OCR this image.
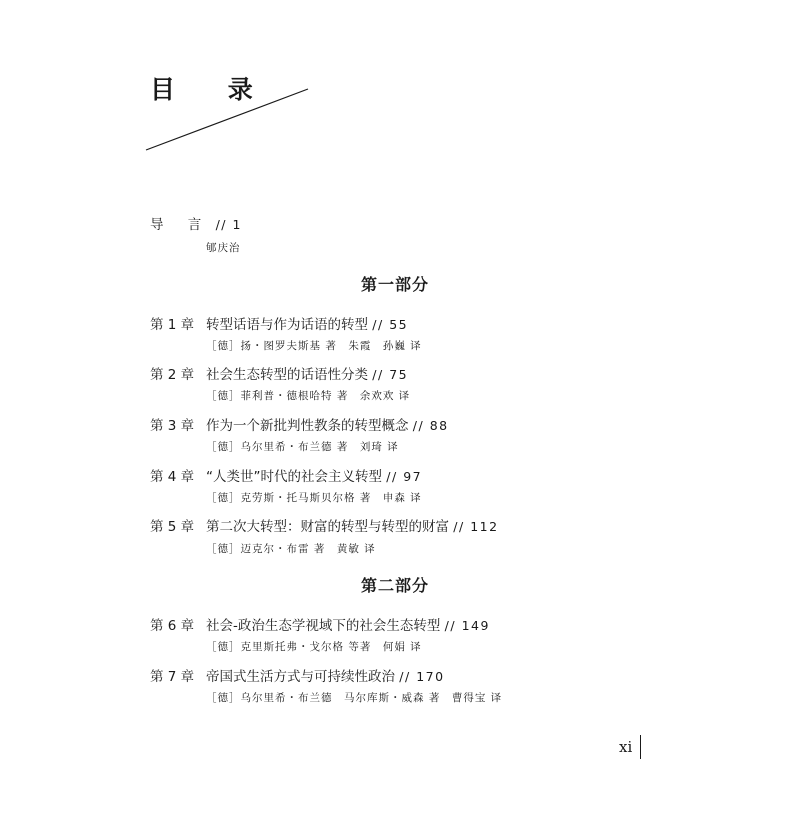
目 录
导 言 // 1
郇庆治
第一部分
第 1 章 转型话语与作为话语的转型 // 55
［德］扬・图罗夫斯基 著　朱霞　孙巍 译
第 2 章 社会生态转型的话语性分类 // 75
［德］菲利普・德根哈特 著　余欢欢 译
第 3 章 作为一个新批判性教条的转型概念 // 88
［德］乌尔里希・布兰德 著　刘琦 译
第 4 章 “人类世”时代的社会主义转型 // 97
［德］克劳斯・托马斯贝尔格 著　申森 译
第 5 章 第二次大转型：财富的转型与转型的财富 // 112
［德］迈克尔・布雷 著　黄敏 译
第二部分
第 6 章 社会-政治生态学视域下的社会生态转型 // 149
［德］克里斯托弗・戈尔格 等著　何娟 译
第 7 章 帝国式生活方式与可持续性政治 // 170
［德］乌尔里希・布兰德　马尔库斯・威森 著　曹得宝 译
xi
